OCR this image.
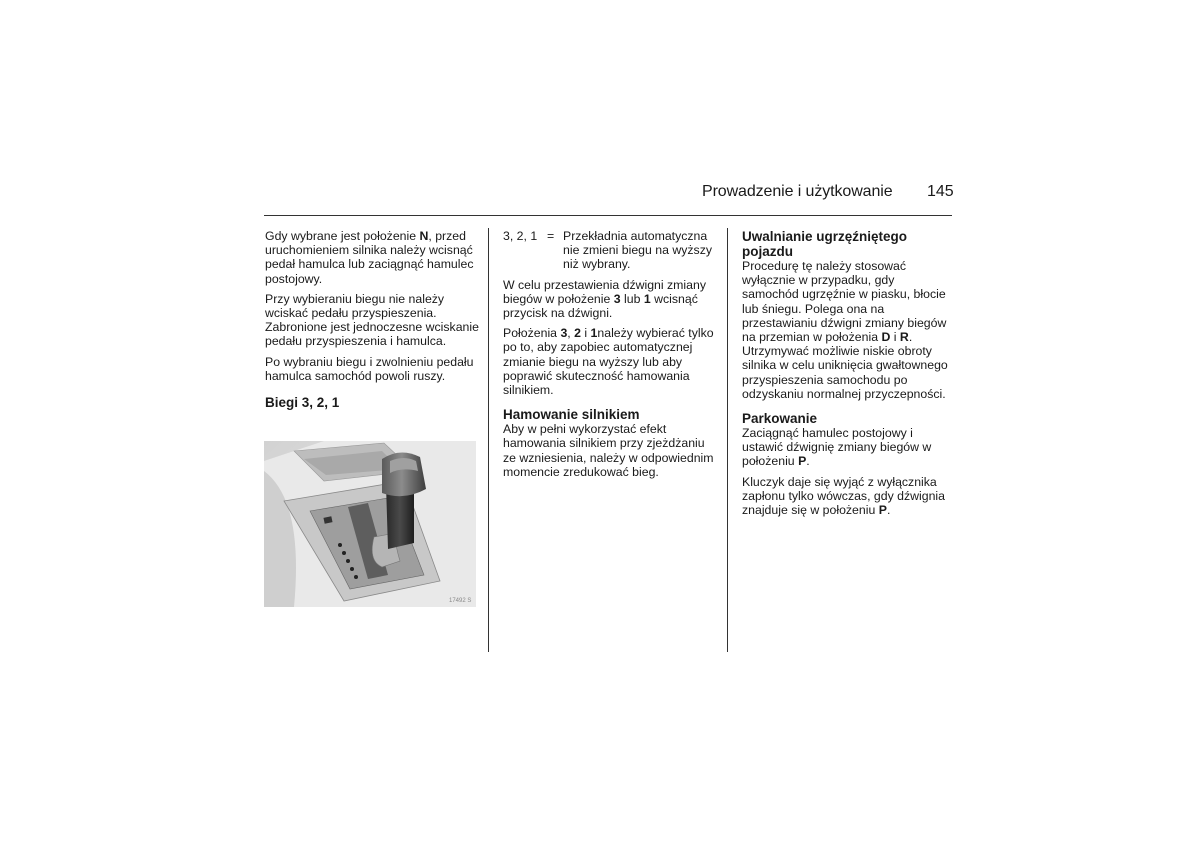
Prowadzenie i użytkowanie 145

Gdy wybrane jest położenie N, przed uruchomieniem silnika należy wcisnąć pedał hamulca lub zaciągnąć hamulec postojowy.

Przy wybieraniu biegu nie należy wciskać pedału przyspieszenia. Zabronione jest jednoczesne wciskanie pedału przyspieszenia i hamulca.

Po wybraniu biegu i zwolnieniu pedału hamulca samochód powoli ruszy.

Biegi 3, 2, 1
17492 S
3, 2, 1 = Przekładnia automatyczna nie zmieni biegu na wyższy niż wybrany.

W celu przestawienia dźwigni zmiany biegów w położenie 3 lub 1 wcisnąć przycisk na dźwigni.

Położenia 3, 2 i 1należy wybierać tylko po to, aby zapobiec automatycznej zmianie biegu na wyższy lub aby poprawić skuteczność hamowania silnikiem.

Hamowanie silnikiem

Aby w pełni wykorzystać efekt hamowania silnikiem przy zjeżdżaniu ze wzniesienia, należy w odpowiednim momencie zredukować bieg.

Uwalnianie ugrzęźniętego pojazdu

Procedurę tę należy stosować wyłącznie w przypadku, gdy samochód ugrzęźnie w piasku, błocie lub śniegu. Polega ona na przestawianiu dźwigni zmiany biegów na przemian w położenia D i R. Utrzymywać możliwie niskie obroty silnika w celu uniknięcia gwałtownego przyspieszenia samochodu po odzyskaniu normalnej przyczepności.

Parkowanie

Zaciągnąć hamulec postojowy i ustawić dźwignię zmiany biegów w położeniu P.

Kluczyk daje się wyjąć z wyłącznika zapłonu tylko wówczas, gdy dźwignia znajduje się w położeniu P.
